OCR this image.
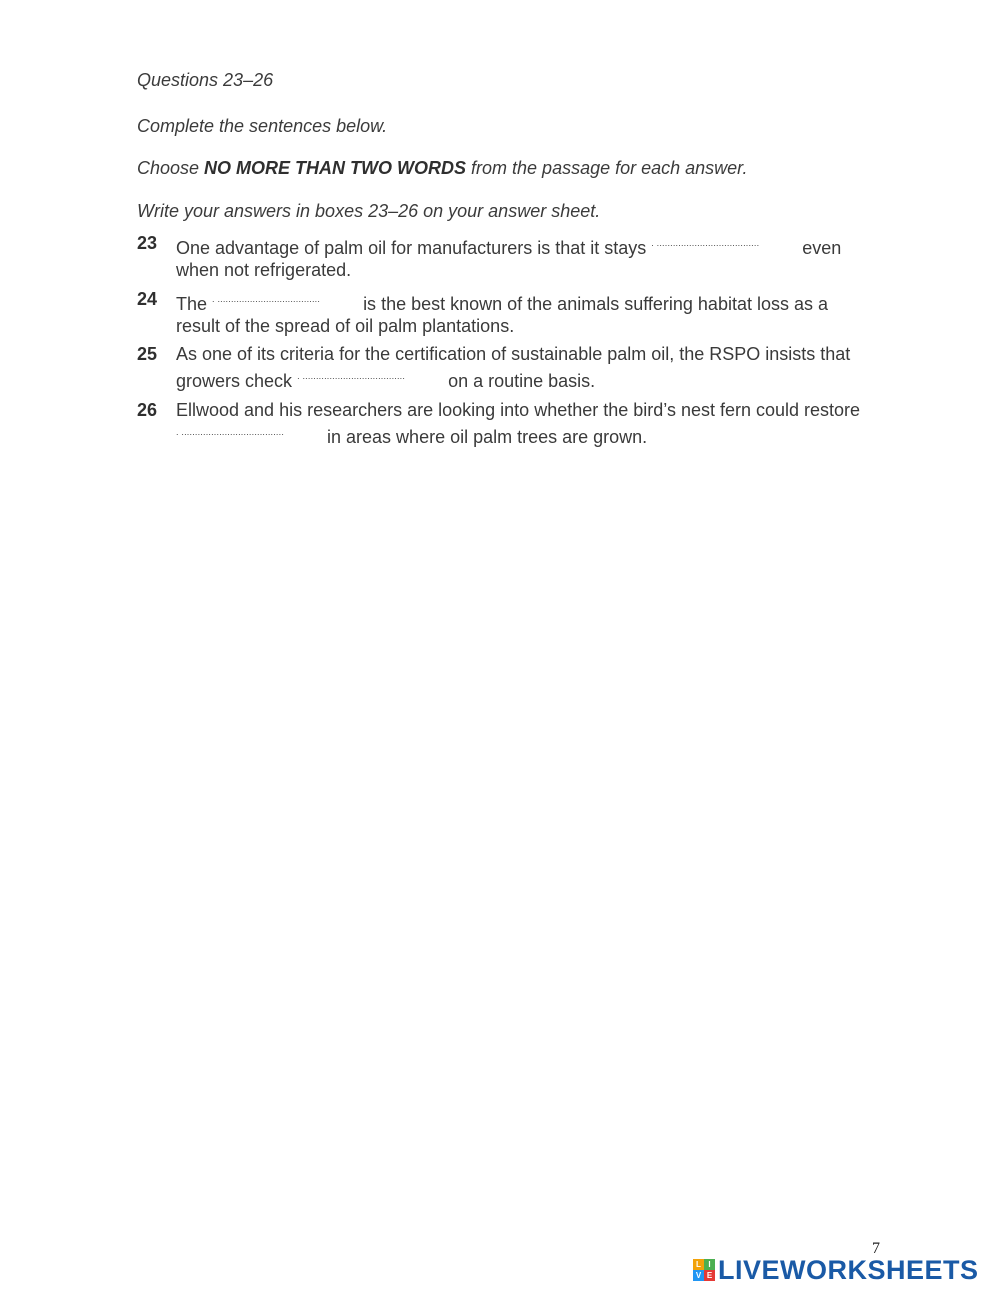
Questions 23–26

Complete the sentences below.

Choose NO MORE THAN TWO WORDS from the passage for each answer.

Write your answers in boxes 23–26 on your answer sheet.

23 One advantage of palm oil for manufacturers is that it stays . ...................................... even when not refrigerated.
24 The . ...................................... is the best known of the animals suffering habitat loss as a result of the spread of oil palm plantations.
25 As one of its criteria for the certification of sustainable palm oil, the RSPO insists that growers check . ...................................... on a routine basis.
26 Ellwood and his researchers are looking into whether the bird’s nest fern could restore . ...................................... in areas where oil palm trees are grown.
7
L I
V E LIVEWORKSHEETS
